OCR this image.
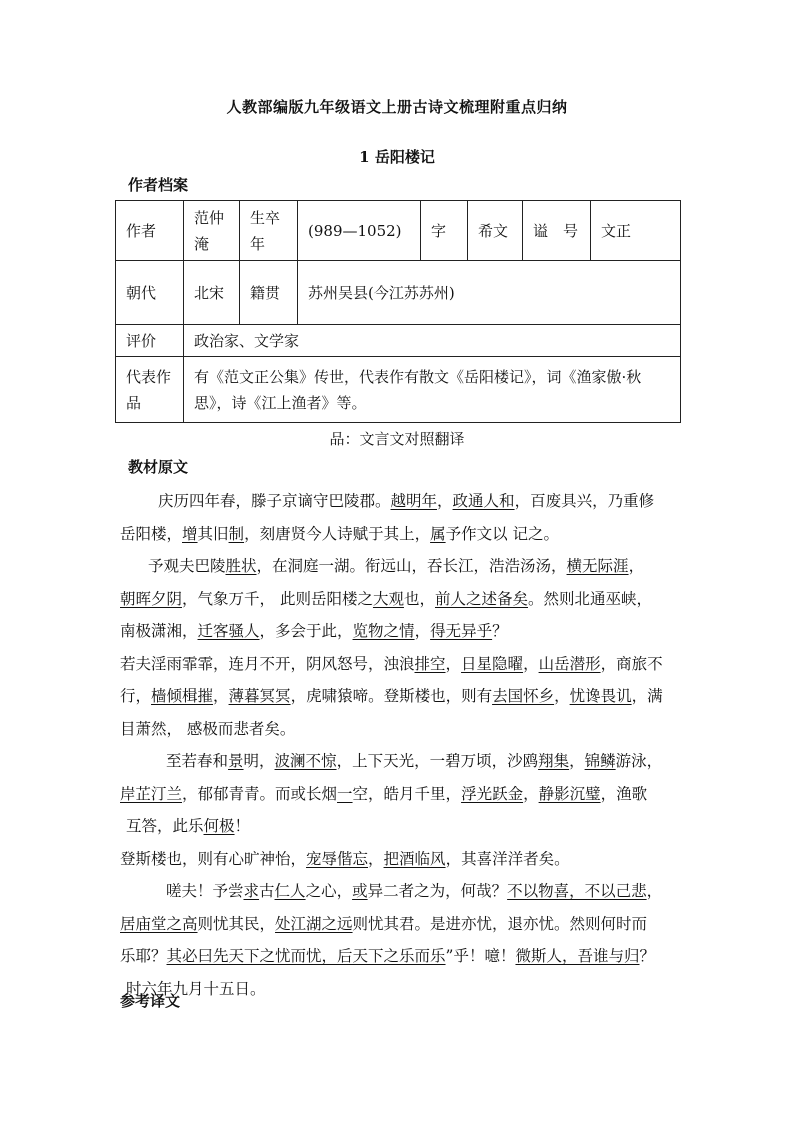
人教部编版九年级语文上册古诗文梳理附重点归纳
1 岳阳楼记
作者档案
作者	范仲淹	生卒年	(989—1052)	字	希文	谥　号	文正
朝代	北宋	籍贯	苏州吴县(今江苏苏州)				
评价	政治家、文学家						
代表作品	有《范文正公集》传世，代表作有散文《岳阳楼记》，词《渔家傲·秋思》，诗《江上渔者》等。						
品：文言文对照翻译
教材原文
庆历四年春，滕子京谪守巴陵郡。越明年，政通人和，百废具兴，乃重修
岳阳楼，增其旧制，刻唐贤今人诗赋于其上，属予作文以 记之。
予观夫巴陵胜状，在洞庭一湖。衔远山，吞长江，浩浩汤汤，横无际涯，
朝晖夕阴，气象万千， 此则岳阳楼之大观也，前人之述备矣。然则北通巫峡，
南极潇湘，迁客骚人，多会于此，览物之情，得无异乎？
若夫淫雨霏霏，连月不开，阴风怒号，浊浪排空，日星隐曜，山岳潜形，商旅不
行，樯倾楫摧，薄暮冥冥，虎啸猿啼。登斯楼也，则有去国怀乡，忧谗畏讥，满
目萧然， 感极而悲者矣。
至若春和景明，波澜不惊，上下天光，一碧万顷，沙鸥翔集，锦鳞游泳，
岸芷汀兰，郁郁青青。而或长烟一空，皓月千里，浮光跃金，静影沉璧，渔歌
互答，此乐何极！
登斯楼也，则有心旷神怡，宠辱偕忘，把酒临风，其喜洋洋者矣。
嗟夫！予尝求古仁人之心，或异二者之为，何哉？不以物喜，不以己悲，
居庙堂之高则忧其民，处江湖之远则忧其君。是进亦忧，退亦忧。然则何时而
乐耶？其必曰先天下之忧而忧，后天下之乐而乐”乎！噫！微斯人，吾谁与归？
时六年九月十五日。
参考译文
